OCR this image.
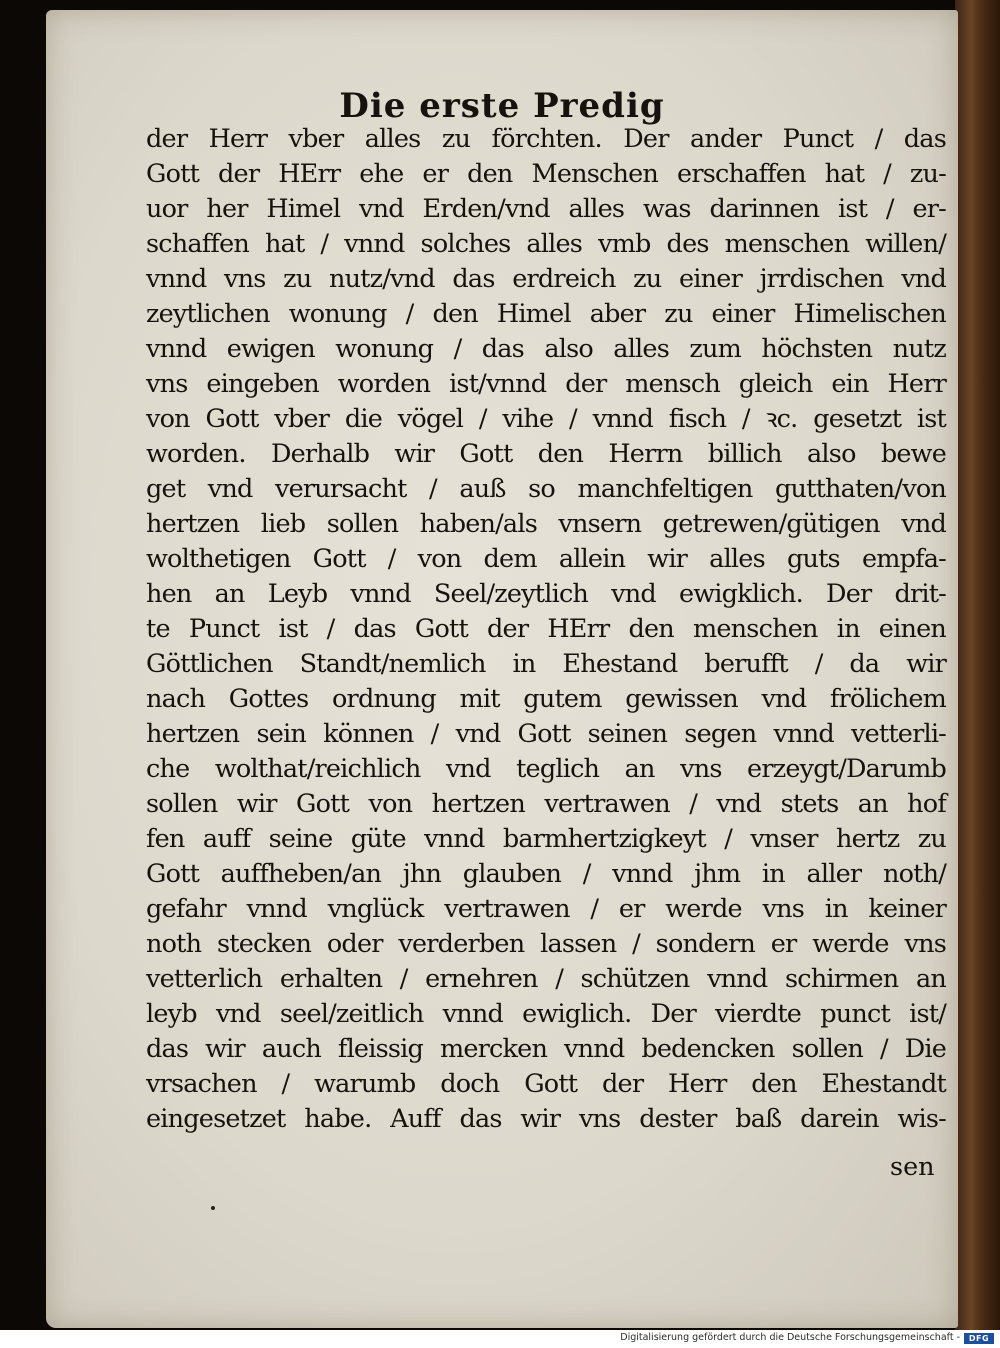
Die erste Predig
der Herr vber alles zu förchten. Der ander Punct / das
Gott der HErr ehe er den Menschen erschaffen hat / zu-
uor her Himel vnd Erden/vnd alles was darinnen ist / er-
schaffen hat / vnnd solches alles vmb des menschen willen/
vnnd vns zu nutz/vnd das erdreich zu einer jrrdischen vnd
zeytlichen wonung / den Himel aber zu einer Himelischen
vnnd ewigen wonung / das also alles zum höchsten nutz
vns eingeben worden ist/vnnd der mensch gleich ein Herr
von Gott vber die vögel / vihe / vnnd fisch / ꝛc. gesetzt ist
worden. Derhalb wir Gott den Herrn billich also bewe
get vnd verursacht / auß so manchfeltigen gutthaten/von
hertzen lieb sollen haben/als vnsern getrewen/gütigen vnd
wolthetigen Gott / von dem allein wir alles guts empfa-
hen an Leyb vnnd Seel/zeytlich vnd ewigklich. Der drit-
te Punct ist / das Gott der HErr den menschen in einen
Göttlichen Standt/nemlich in Ehestand berufft / da wir
nach Gottes ordnung mit gutem gewissen vnd frölichem
hertzen sein können / vnd Gott seinen segen vnnd vetterli-
che wolthat/reichlich vnd teglich an vns erzeygt/Darumb
sollen wir Gott von hertzen vertrawen / vnd stets an hof
fen auff seine güte vnnd barmhertzigkeyt / vnser hertz zu
Gott auffheben/an jhn glauben / vnnd jhm in aller noth/
gefahr vnnd vnglück vertrawen / er werde vns in keiner
noth stecken oder verderben lassen / sondern er werde vns
vetterlich erhalten / ernehren / schützen vnnd schirmen an
leyb vnd seel/zeitlich vnnd ewiglich. Der vierdte punct ist/
das wir auch fleissig mercken vnnd bedencken sollen / Die
vrsachen / warumb doch Gott der Herr den Ehestandt
eingesetzet habe. Auff das wir vns dester baß darein wis-
sen
Digitalisierung gefördert durch die Deutsche Forschungsgemeinschaft -	DFG
